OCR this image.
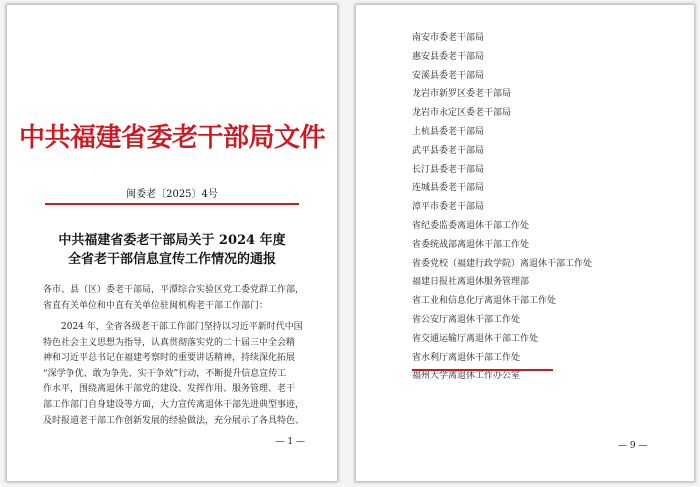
中共福建省委老干部局文件
闽委老〔2025〕4号
中共福建省委老干部局关于 2024 年度
全省老干部信息宣传工作情况的通报
各市、县（区）委老干部局，平潭综合实验区党工委党群工作部，
省直有关单位和中直有关单位驻闽机构老干部工作部门：
2024 年，全省各级老干部工作部门坚持以习近平新时代中国
特色社会主义思想为指导，认真贯彻落实党的二十届三中全会精
神和习近平总书记在福建考察时的重要讲话精神，持续深化拓展
“深学争优、敢为争先、实干争效”行动，不断提升信息宣传工
作水平，围绕离退休干部党的建设、发挥作用、服务管理、老干
部工作部门自身建设等方面，大力宣传离退休干部先进典型事迹，
及时报道老干部工作创新发展的经验做法，充分展示了各具特色、
— 1 —
南安市委老干部局
惠安县委老干部局
安溪县委老干部局
龙岩市新罗区委老干部局
龙岩市永定区委老干部局
上杭县委老干部局
武平县委老干部局
长汀县委老干部局
连城县委老干部局
漳平市委老干部局
省纪委监委离退休干部工作处
省委统战部离退休干部工作处
省委党校（福建行政学院）离退休干部工作处
福建日报社离退休服务管理部
省工业和信息化厅离退休干部工作处
省公安厅离退休干部工作处
省交通运输厅离退休干部工作处
省水利厅离退休干部工作处
福州大学离退休工作办公室
— 9 —
